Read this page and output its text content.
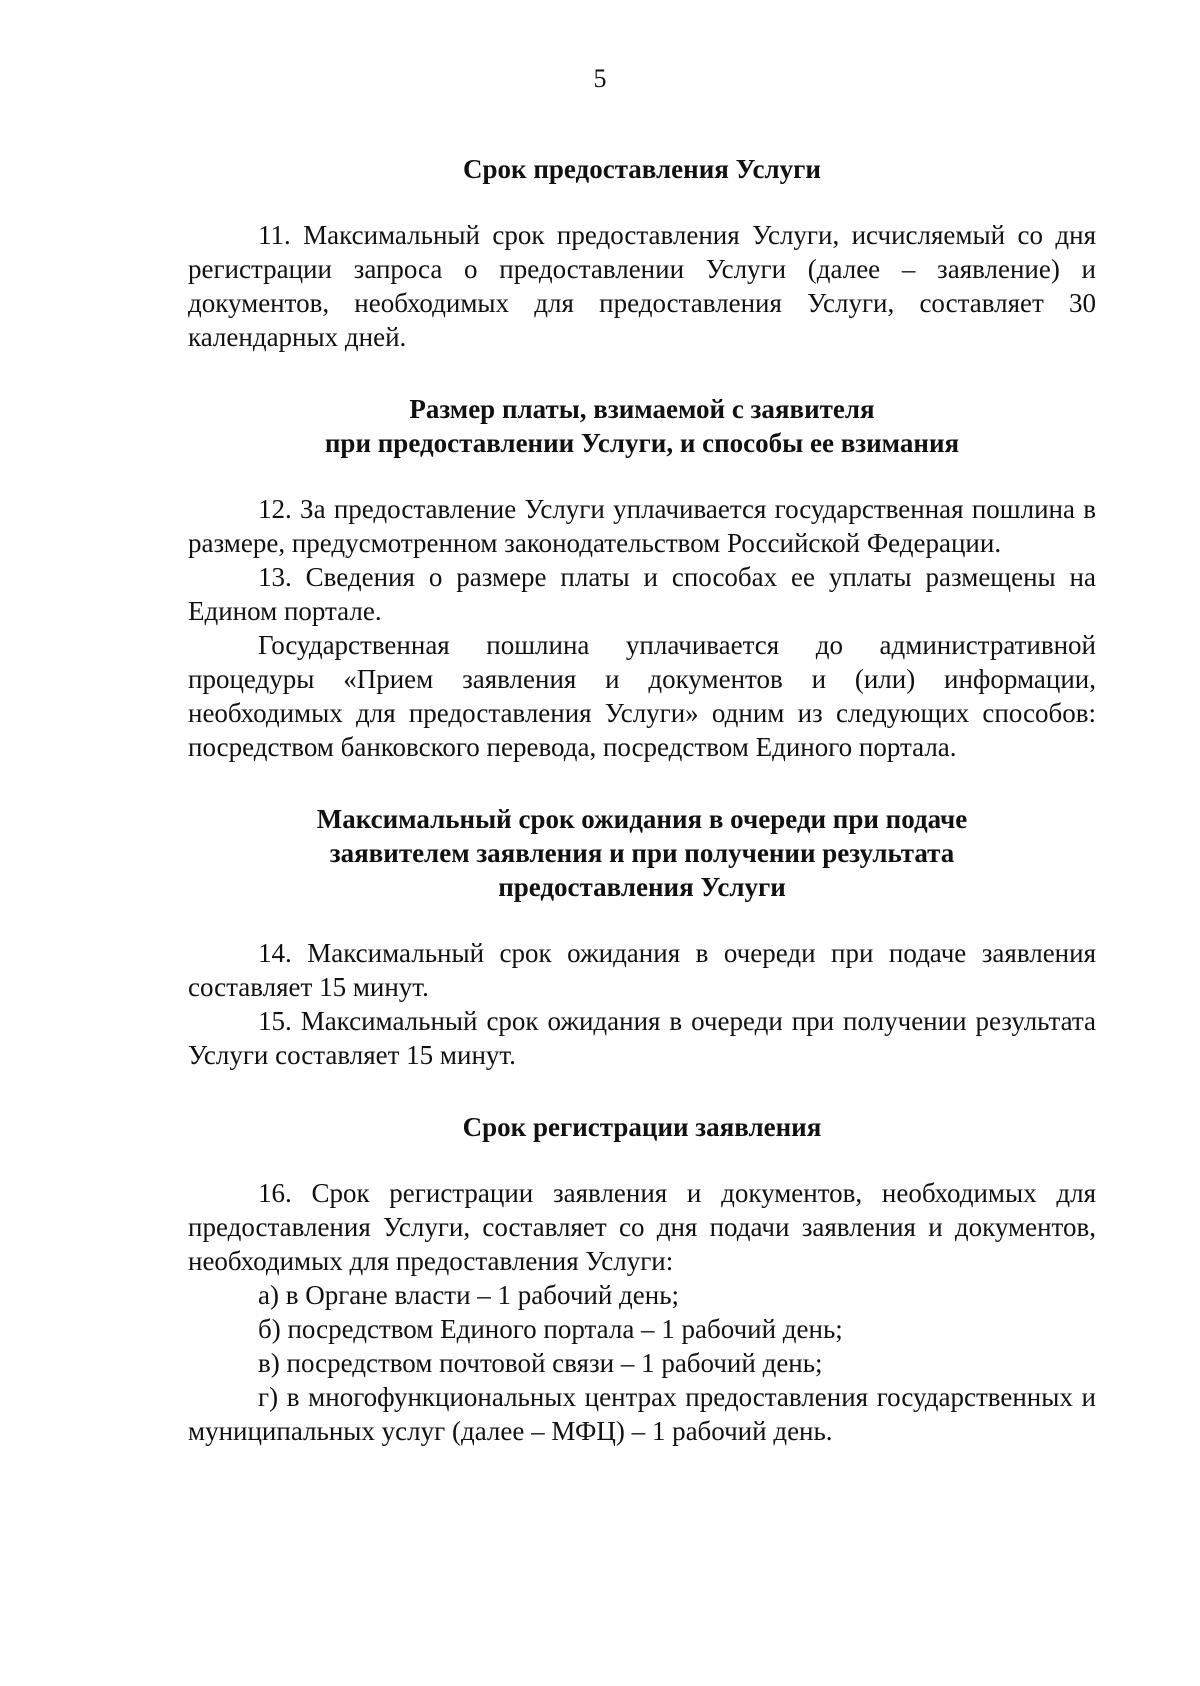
5

Срок предоставления Услуги

11. Максимальный срок предоставления Услуги, исчисляемый со дня регистрации запроса о предоставлении Услуги (далее – заявление) и документов, необходимых для предоставления Услуги, составляет 30 календарных дней.

Размер платы, взимаемой с заявителя

при предоставлении Услуги, и способы ее взимания

12. За предоставление Услуги уплачивается государственная пошлина в размере, предусмотренном законодательством Российской Федерации.

13. Сведения о размере платы и способах ее уплаты размещены на Едином портале.

Государственная пошлина уплачивается до административной процедуры «Прием заявления и документов и (или) информации, необходимых для предоставления Услуги» одним из следующих способов: посредством банковского перевода, посредством Единого портала.

Максимальный срок ожидания в очереди при подаче

заявителем заявления и при получении результата

предоставления Услуги

14. Максимальный срок ожидания в очереди при подаче заявления составляет 15 минут.

15. Максимальный срок ожидания в очереди при получении результата Услуги составляет 15 минут.

Срок регистрации заявления

16. Срок регистрации заявления и документов, необходимых для предоставления Услуги, составляет со дня подачи заявления и документов, необходимых для предоставления Услуги:

а) в Органе власти – 1 рабочий день;

б) посредством Единого портала – 1 рабочий день;

в) посредством почтовой связи – 1 рабочий день;

г) в многофункциональных центрах предоставления государственных и муниципальных услуг (далее – МФЦ) – 1 рабочий день.
